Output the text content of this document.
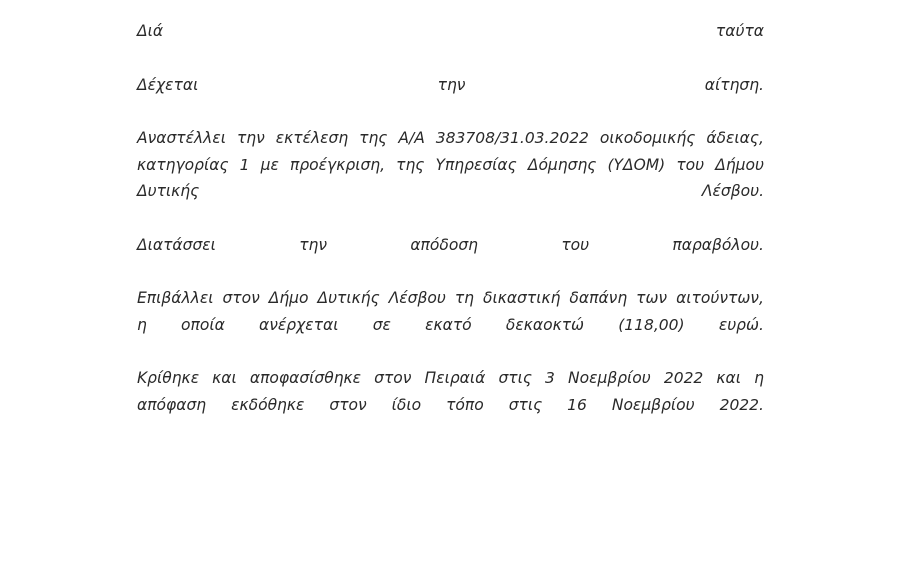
Διά	ταύτα
Δέχεται	την	αίτηση.
Αναστέλλει την εκτέλεση της Α/Α 383708/31.03.2022 οικοδομικής άδειας,
κατηγορίας 1 με προέγκριση, της Υπηρεσίας Δόμησης (ΥΔΟΜ) του Δήμου
Δυτικής	Λέσβου.
Διατάσσει	την	απόδοση	του	παραβόλου.
Επιβάλλει στον Δήμο Δυτικής Λέσβου τη δικαστική δαπάνη των αιτούντων,
η οποία ανέρχεται σε εκατό δεκαοκτώ (118,00) ευρώ.
Κρίθηκε και αποφασίσθηκε στον Πειραιά στις 3 Νοεμβρίου 2022 και η
απόφαση εκδόθηκε στον ίδιο τόπο στις 16 Νοεμβρίου 2022.
